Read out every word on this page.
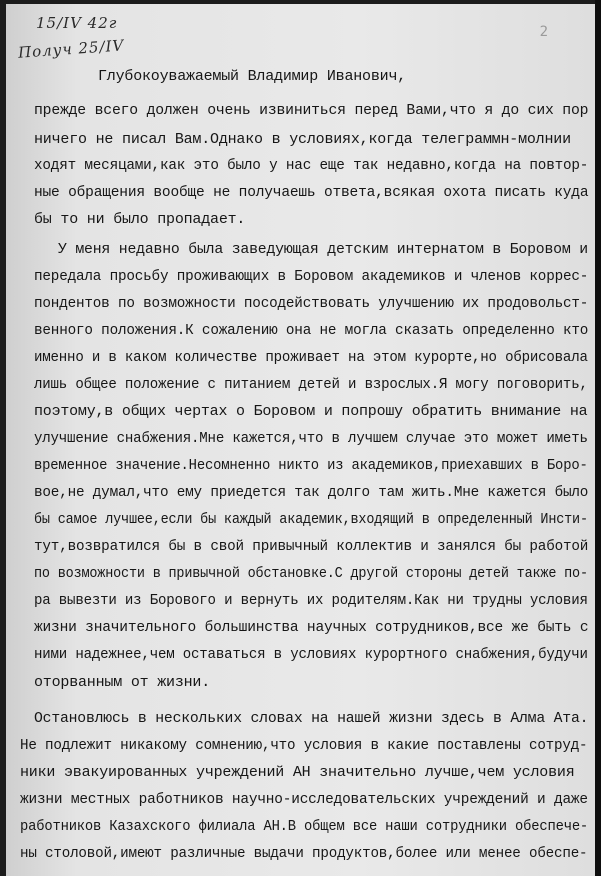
15/IV 42г
Получ 25/IV
2
Глубокоуважаемый Владимир Иванович,
прежде всего должен очень извиниться перед Вами,что я до сих пор
ничего не писал Вам.Однако в условиях,когда телеграммн-молнии
ходят месяцами,как это было у нас еще так недавно,когда на повтор-
ные обращения вообще не получаешь ответа,всякая охота писать куда
бы то ни было пропадает.
У меня недавно была заведующая детским интернатом в Боровом и
передала просьбу проживающих в Боровом академиков и членов коррес-
пондентов по возможности посодействовать улучшению их продовольст-
венного положения.К сожалению она не могла сказать определенно кто
именно и в каком количестве проживает на этом курорте,но обрисовала
лишь общее положение с питанием детей и взрослых.Я могу поговорить,
поэтому,в общих чертах о Боровом и попрошу обратить внимание на
улучшение снабжения.Мне кажется,что в лучшем случае это может иметь
временное значение.Несомненно никто из академиков,приехавших в Боро-
вое,не думал,что ему приедется так долго там жить.Мне кажется было
бы самое лучшее,если бы каждый академик,входящий в определенный Инсти-
тут,возвратился бы в свой привычный коллектив и занялся бы работой
по возможности в привычной обстановке.С другой стороны детей также по-
ра вывезти из Борового и вернуть их родителям.Как ни трудны условия
жизни значительного большинства научных сотрудников,все же быть с
ними надежнее,чем оставаться в условиях курортного снабжения,будучи
оторванным от жизни.
Остановлюсь в нескольких словах на нашей жизни здесь в Алма Ата.
Не подлежит никакому сомнению,что условия в какие поставлены сотруд-
ники эвакуированных учреждений АН значительно лучше,чем условия
жизни местных работников научно-исследовательских учреждений и даже
работников Казахского филиала АН.В общем все наши сотрудники обеспече-
ны столовой,имеют различные выдачи продуктов,более или менее обеспе-
